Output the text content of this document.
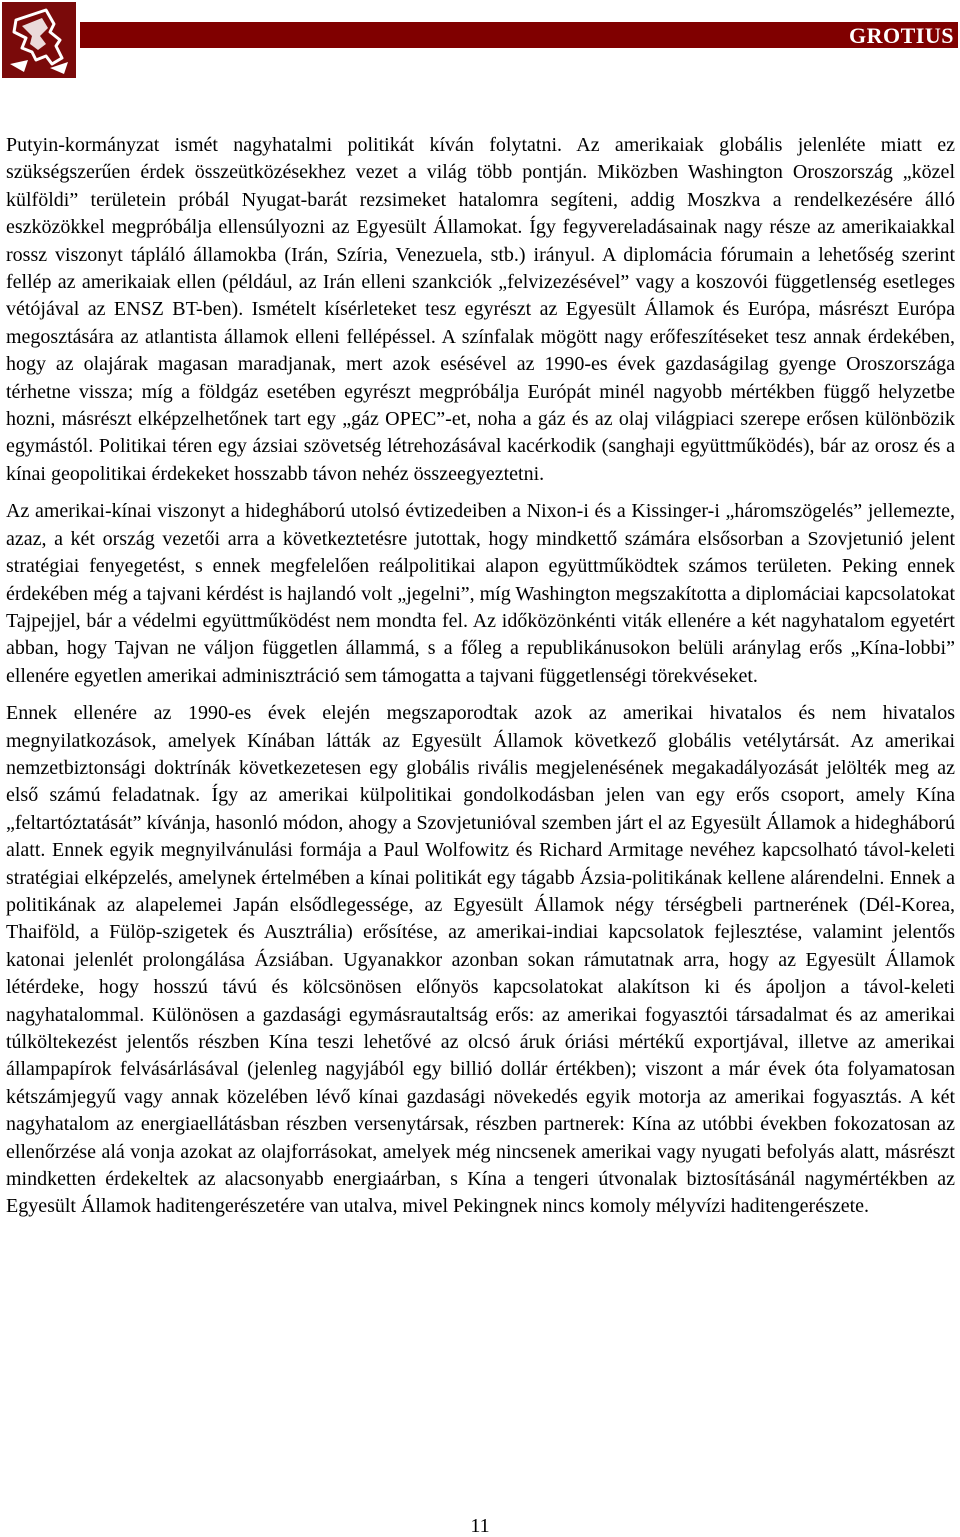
GROTIUS

Putyin-kormányzat ismét nagyhatalmi politikát kíván folytatni. Az amerikaiak globális jelenléte miatt ez szükségszerűen érdek összeütközésekhez vezet a világ több pontján. Miközben Washington Oroszország „közel külföldi” területein próbál Nyugat-barát rezsimeket hatalomra segíteni, addig Moszkva a rendelkezésére álló eszközökkel megpróbálja ellensúlyozni az Egyesült Államokat. Így fegyvereladásainak nagy része az amerikaiakkal rossz viszonyt tápláló államokba (Irán, Szíria, Venezuela, stb.) irányul. A diplomácia fórumain a lehetőség szerint fellép az amerikaiak ellen (például, az Irán elleni szankciók „felvizezésével” vagy a koszovói függetlenség esetleges vétójával az ENSZ BT-ben). Ismételt kísérleteket tesz egyrészt az Egyesült Államok és Európa, másrészt Európa megosztására az atlantista államok elleni fellépéssel. A színfalak mögött nagy erőfeszítéseket tesz annak érdekében, hogy az olajárak magasan maradjanak, mert azok esésével az 1990-es évek gazdaságilag gyenge Oroszországa térhetne vissza; míg a földgáz esetében egyrészt megpróbálja Európát minél nagyobb mértékben függő helyzetbe hozni, másrészt elképzelhetőnek tart egy „gáz OPEC”-et, noha a gáz és az olaj világpiaci szerepe erősen különbözik egymástól. Politikai téren egy ázsiai szövetség létrehozásával kacérkodik (sanghaji együttműködés), bár az orosz és a kínai geopolitikai érdekeket hosszabb távon nehéz összeegyeztetni.

Az amerikai-kínai viszonyt a hidegháború utolsó évtizedeiben a Nixon-i és a Kissinger-i „háromszögelés” jellemezte, azaz, a két ország vezetői arra a következtetésre jutottak, hogy mindkettő számára elsősorban a Szovjetunió jelent stratégiai fenyegetést, s ennek megfelelően reálpolitikai alapon együttműködtek számos területen. Peking ennek érdekében még a tajvani kérdést is hajlandó volt „jegelni”, míg Washington megszakította a diplomáciai kapcsolatokat Tajpejjel, bár a védelmi együttműködést nem mondta fel. Az időközönkénti viták ellenére a két nagyhatalom egyetért abban, hogy Tajvan ne váljon független állammá, s a főleg a republikánusokon belüli aránylag erős „Kína-lobbi” ellenére egyetlen amerikai adminisztráció sem támogatta a tajvani függetlenségi törekvéseket.

Ennek ellenére az 1990-es évek elején megszaporodtak azok az amerikai hivatalos és nem hivatalos megnyilatkozások, amelyek Kínában látták az Egyesült Államok következő globális vetélytársát. Az amerikai nemzetbiztonsági doktrínák következetesen egy globális rivális megjelenésének megakadályozását jelölték meg az első számú feladatnak. Így az amerikai külpolitikai gondolkodásban jelen van egy erős csoport, amely Kína „feltartóztatását” kívánja, hasonló módon, ahogy a Szovjetunióval szemben járt el az Egyesült Államok a hidegháború alatt. Ennek egyik megnyilvánulási formája a Paul Wolfowitz és Richard Armitage nevéhez kapcsolható távol-keleti stratégiai elképzelés, amelynek értelmében a kínai politikát egy tágabb Ázsia-politikának kellene alárendelni. Ennek a politikának az alapelemei Japán elsődlegessége, az Egyesült Államok négy térségbeli partnerének (Dél-Korea, Thaiföld, a Fülöp-szigetek és Ausztrália) erősítése, az amerikai-indiai kapcsolatok fejlesztése, valamint jelentős katonai jelenlét prolongálása Ázsiában. Ugyanakkor azonban sokan rámutatnak arra, hogy az Egyesült Államok létérdeke, hogy hosszú távú és kölcsönösen előnyös kapcsolatokat alakítson ki és ápoljon a távol-keleti nagyhatalommal. Különösen a gazdasági egymásrautaltság erős: az amerikai fogyasztói társadalmat és az amerikai túlköltekezést jelentős részben Kína teszi lehetővé az olcsó áruk óriási mértékű exportjával, illetve az amerikai állampapírok felvásárlásával (jelenleg nagyjából egy billió dollár értékben); viszont a már évek óta folyamatosan kétszámjegyű vagy annak közelében lévő kínai gazdasági növekedés egyik motorja az amerikai fogyasztás. A két nagyhatalom az energiaellátásban részben versenytársak, részben partnerek: Kína az utóbbi években fokozatosan az ellenőrzése alá vonja azokat az olajforrásokat, amelyek még nincsenek amerikai vagy nyugati befolyás alatt, másrészt mindketten érdekeltek az alacsonyabb energiaárban, s Kína a tengeri útvonalak biztosításánál nagymértékben az Egyesült Államok haditengerészetére van utalva, mivel Pekingnek nincs komoly mélyvízi haditengerészete.

11
